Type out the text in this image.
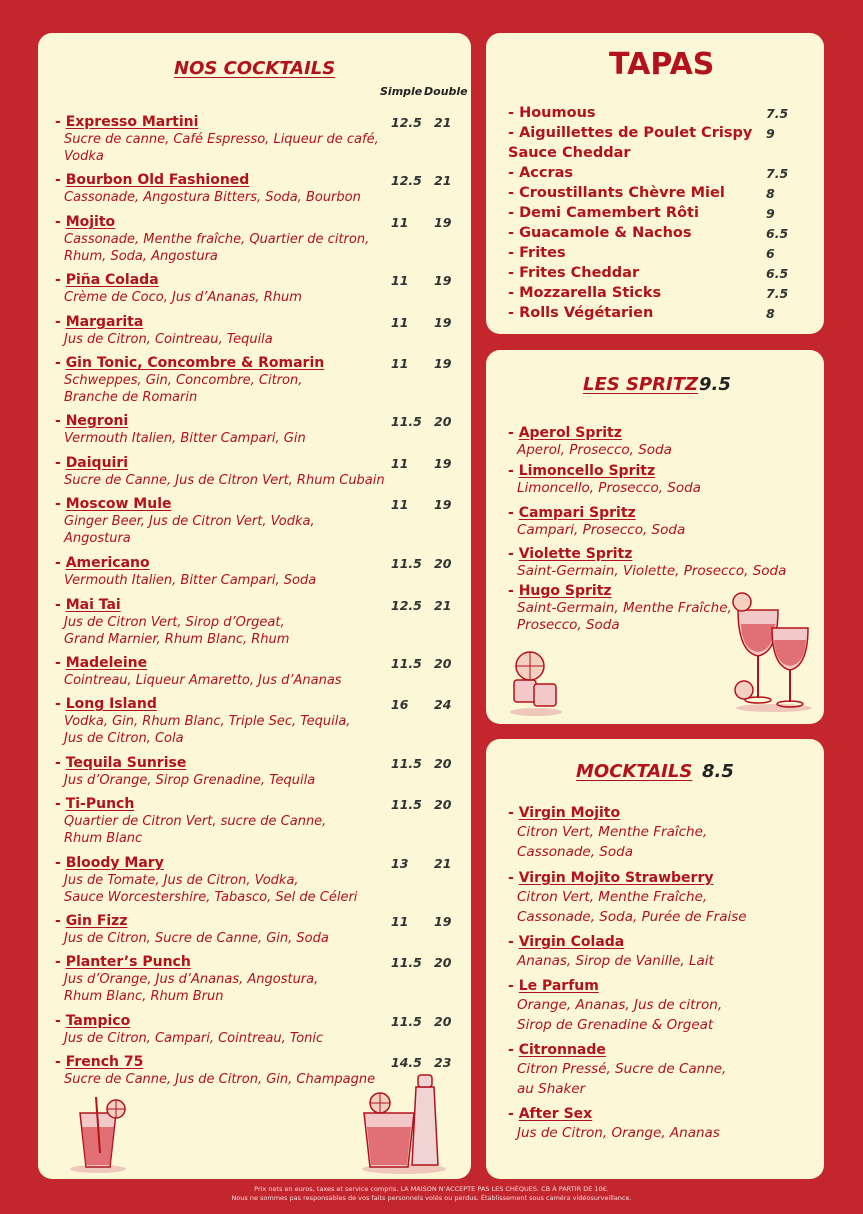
NOS COCKTAILS
Simple Double
- Expresso Martini
Sucre de canne, Café Espresso, Liqueur de café,
Vodka
12.5 21
- Bourbon Old Fashioned
Cassonade, Angostura Bitters, Soda, Bourbon
12.5 21
- Mojito
Cassonade, Menthe fraîche, Quartier de citron,
Rhum, Soda, Angostura
11 19
- Piña Colada
Crème de Coco, Jus d’Ananas, Rhum
11 19
- Margarita
Jus de Citron, Cointreau, Tequila
11 19
- Gin Tonic, Concombre & Romarin
Schweppes, Gin, Concombre, Citron,
Branche de Romarin
11 19
- Negroni
Vermouth Italien, Bitter Campari, Gin
11.5 20
- Daiquiri
Sucre de Canne, Jus de Citron Vert, Rhum Cubain
11 19
- Moscow Mule
Ginger Beer, Jus de Citron Vert, Vodka,
Angostura
11 19
- Americano
Vermouth Italien, Bitter Campari, Soda
11.5 20
- Mai Tai
Jus de Citron Vert, Sirop d’Orgeat,
Grand Marnier, Rhum Blanc, Rhum
12.5 21
- Madeleine
Cointreau, Liqueur Amaretto, Jus d’Ananas
11.5 20
- Long Island
Vodka, Gin, Rhum Blanc, Triple Sec, Tequila,
Jus de Citron, Cola
16 24
- Tequila Sunrise
Jus d’Orange, Sirop Grenadine, Tequila
11.5 20
- Ti-Punch
Quartier de Citron Vert, sucre de Canne,
Rhum Blanc
11.5 20
- Bloody Mary
Jus de Tomate, Jus de Citron, Vodka,
Sauce Worcestershire, Tabasco, Sel de Céleri
13 21
- Gin Fizz
Jus de Citron, Sucre de Canne, Gin, Soda
11 19
- Planter’s Punch
Jus d’Orange, Jus d’Ananas, Angostura,
Rhum Blanc, Rhum Brun
11.5 20
- Tampico
Jus de Citron, Campari, Cointreau, Tonic
11.5 20
- French 75
Sucre de Canne, Jus de Citron, Gin, Champagne
14.5 23
TAPAS
- Houmous	7.5
- Aiguillettes de Poulet Crispy
Sauce Cheddar
9
- Accras	7.5
- Croustillants Chèvre Miel	8
- Demi Camembert Rôti	9
- Guacamole & Nachos	6.5
- Frites	6
- Frites Cheddar	6.5
- Mozzarella Sticks	7.5
- Rolls Végétarien	8
LES SPRITZ 9.5
- Aperol Spritz
Aperol, Prosecco, Soda
- Limoncello Spritz
Limoncello, Prosecco, Soda
- Campari Spritz
Campari, Prosecco, Soda
- Violette Spritz
Saint-Germain, Violette, Prosecco, Soda
- Hugo Spritz
Saint-Germain, Menthe Fraîche,
Prosecco, Soda
MOCKTAILS 8.5
- Virgin Mojito
Citron Vert, Menthe Fraîche,
Cassonade, Soda
- Virgin Mojito Strawberry
Citron Vert, Menthe Fraîche,
Cassonade, Soda, Purée de Fraise
- Virgin Colada
Ananas, Sirop de Vanille, Lait
- Le Parfum
Orange, Ananas, Jus de citron,
Sirop de Grenadine & Orgeat
- Citronnade
Citron Pressé, Sucre de Canne,
au Shaker
- After Sex
Jus de Citron, Orange, Ananas
Prix nets en euros, taxes et service compris. LA MAISON N’ACCEPTE PAS LES CHÈQUES. CB À PARTIR DE 10€.
Nous ne sommes pas responsables de vos faits personnels volés ou perdus. Établissement sous caméra vidéosurveillance.
